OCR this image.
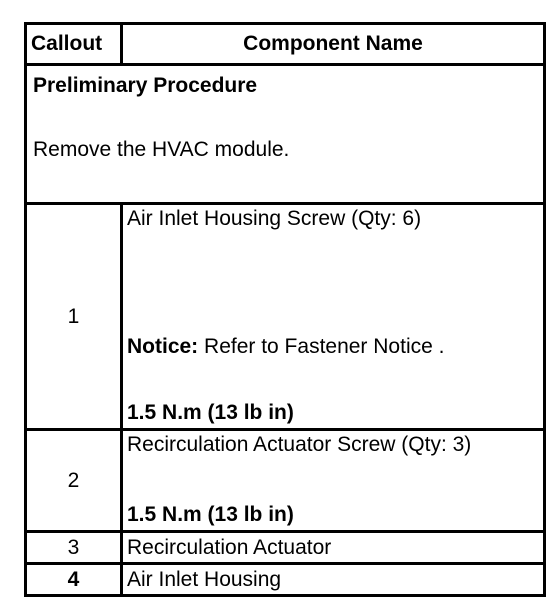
Callout	Component Name

Preliminary Procedure
Remove the HVAC module.	

1	Air Inlet Housing Screw (Qty: 6)
Notice: Refer to Fastener Notice .
1.5 N.m (13 lb in)

2	Recirculation Actuator Screw (Qty: 3)
1.5 N.m (13 lb in)

3	Recirculation Actuator
4	Air Inlet Housing
